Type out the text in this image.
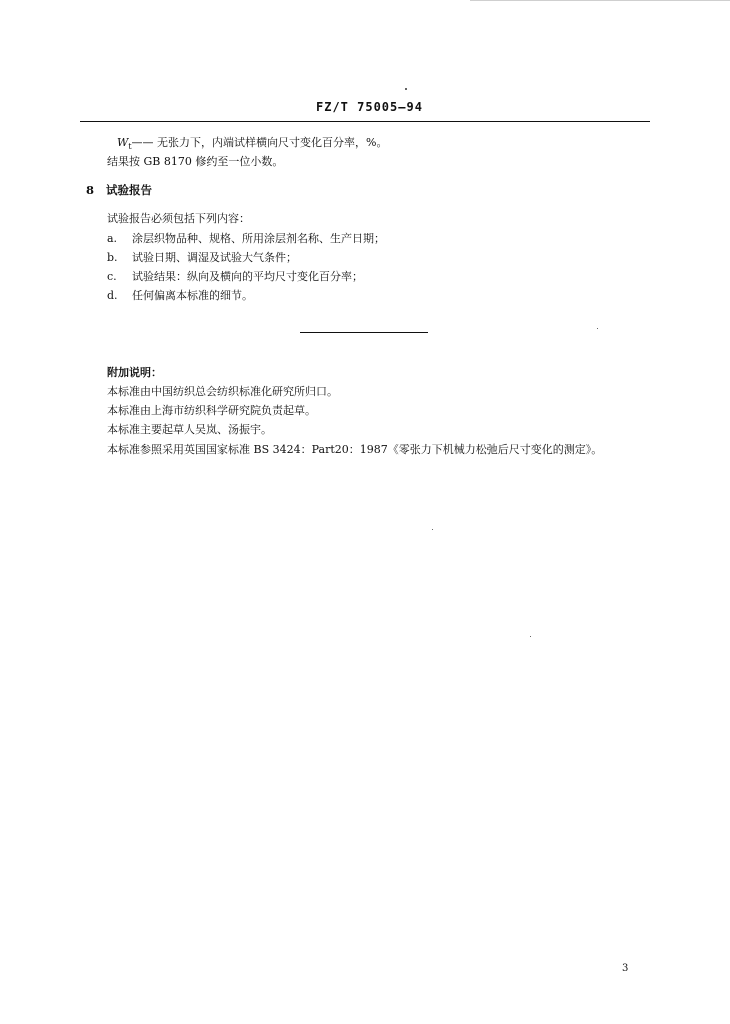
FZ/T 75005—94
$W_t——$ 无张力下，内端试样横向尺寸变化百分率，%。
结果按 GB 8170 修约至一位小数。
8 试验报告
试验报告必须包括下列内容：
a. 涂层织物品种、规格、所用涂层剂名称、生产日期；
b. 试验日期、调湿及试验大气条件；
c. 试验结果：纵向及横向的平均尺寸变化百分率；
d. 任何偏离本标准的细节。
附加说明：
本标准由中国纺织总会纺织标准化研究所归口。
本标准由上海市纺织科学研究院负责起草。
本标准主要起草人吴岚、汤振宇。
本标准参照采用英国国家标准 BS 3424：Part20：1987《零张力下机械力松弛后尺寸变化的测定》。
3
